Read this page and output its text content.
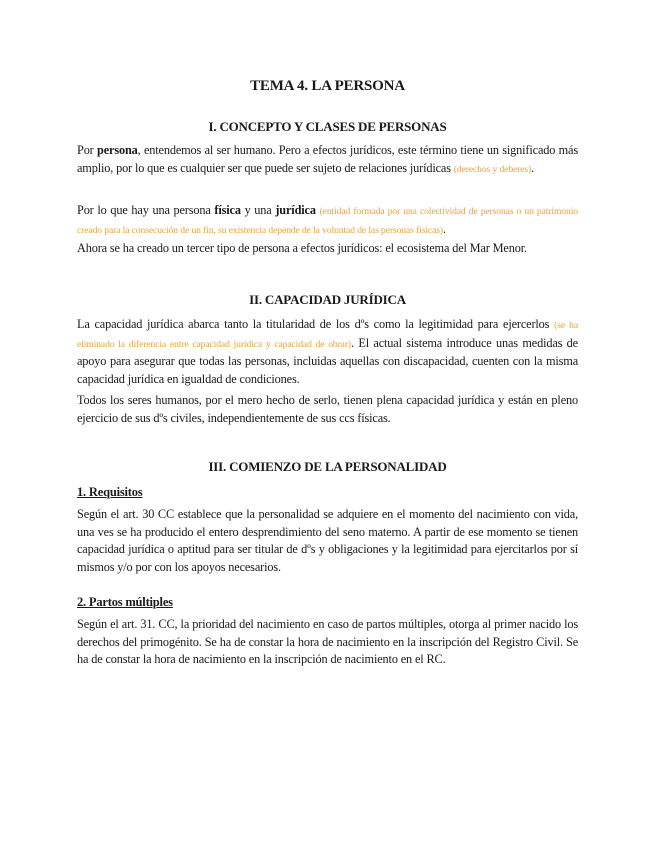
TEMA 4. LA PERSONA
I. CONCEPTO Y CLASES DE PERSONAS

Por persona, entendemos al ser humano. Pero a efectos jurídicos, este término tiene un significado más amplio, por lo que es cualquier ser que puede ser sujeto de relaciones jurídicas (derechos y deberes).

Por lo que hay una persona física y una jurídica (entidad formada por una colectividad de personas o un patrimonio creado para la consecución de un fin, su existencia depende de la voluntad de las personas físicas).

Ahora se ha creado un tercer tipo de persona a efectos jurídicos: el ecosistema del Mar Menor.

II. CAPACIDAD JURÍDICA

La capacidad jurídica abarca tanto la titularidad de los dºs como la legitimidad para ejercerlos (se ha eliminado la diferencia entre capacidad jurídica y capacidad de obrar). El actual sistema introduce unas medidas de apoyo para asegurar que todas las personas, incluidas aquellas con discapacidad, cuenten con la misma capacidad jurídica en igualdad de condiciones.

Todos los seres humanos, por el mero hecho de serlo, tienen plena capacidad jurídica y están en pleno ejercicio de sus dºs civiles, independientemente de sus ccs físicas.

III. COMIENZO DE LA PERSONALIDAD
1. Requisitos

Según el art. 30 CC establece que la personalidad se adquiere en el momento del nacimiento con vida, una ves se ha producido el entero desprendimiento del seno materno. A partir de ese momento se tienen capacidad jurídica o aptitud para ser titular de dºs y obligaciones y la legitimidad para ejercitarlos por sí mismos y/o por con los apoyos necesarios.

2. Partos múltiples

Según el art. 31. CC, la prioridad del nacimiento en caso de partos múltiples, otorga al primer nacido los derechos del primogénito. Se ha de constar la hora de nacimiento en la inscripción del Registro Civil. Se ha de constar la hora de nacimiento en la inscripción de nacimiento en el RC.
